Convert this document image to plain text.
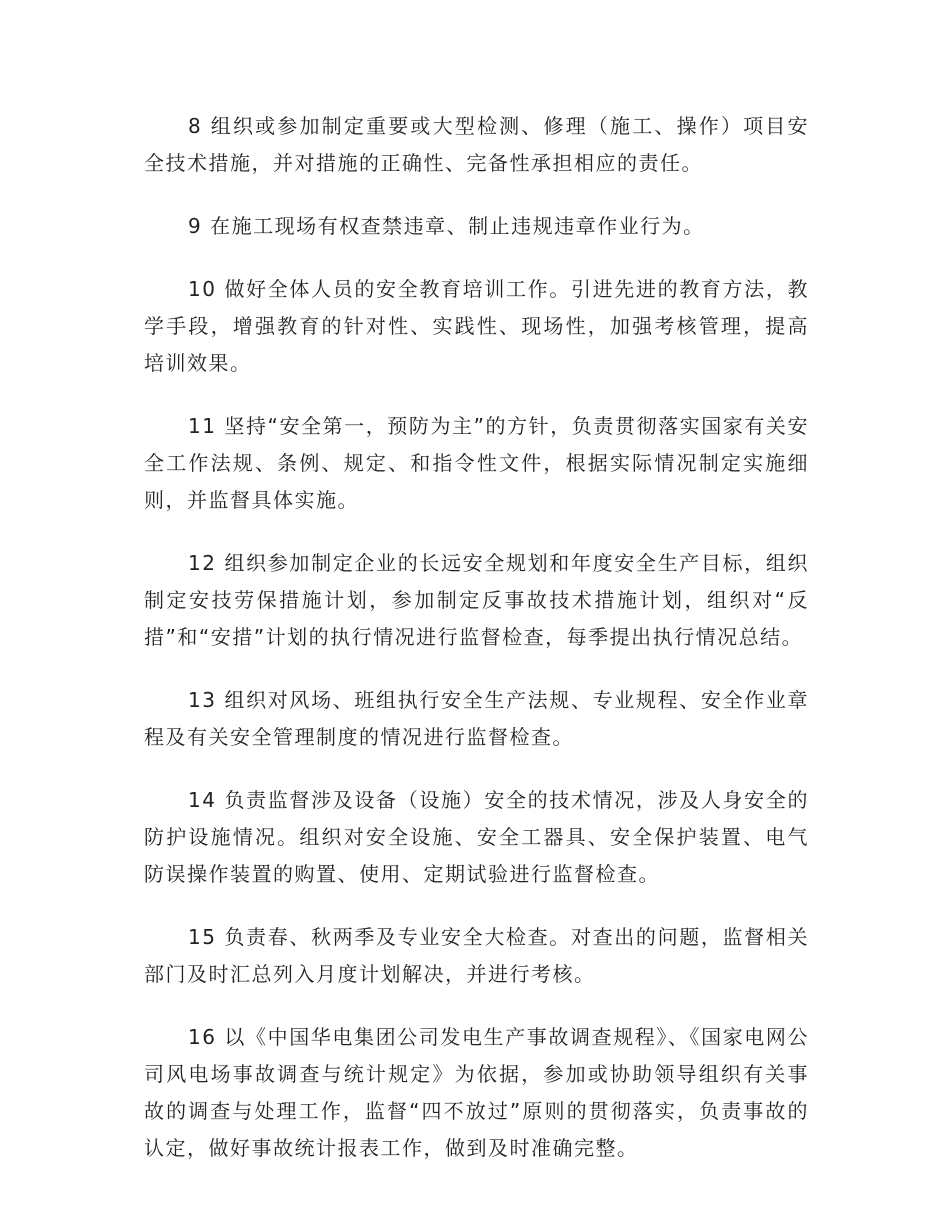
8 组织或参加制定重要或大型检测、修理（施工、操作）项目安全技术措施，并对措施的正确性、完备性承担相应的责任。

9 在施工现场有权查禁违章、制止违规违章作业行为。

10 做好全体人员的安全教育培训工作。引进先进的教育方法，教学手段，增强教育的针对性、实践性、现场性，加强考核管理，提高培训效果。

11 坚持“安全第一，预防为主”的方针，负责贯彻落实国家有关安全工作法规、条例、规定、和指令性文件，根据实际情况制定实施细则，并监督具体实施。

12 组织参加制定企业的长远安全规划和年度安全生产目标，组织制定安技劳保措施计划，参加制定反事故技术措施计划，组织对“反措”和“安措”计划的执行情况进行监督检查，每季提出执行情况总结。

13 组织对风场、班组执行安全生产法规、专业规程、安全作业章程及有关安全管理制度的情况进行监督检查。

14 负责监督涉及设备（设施）安全的技术情况，涉及人身安全的防护设施情况。组织对安全设施、安全工器具、安全保护装置、电气防误操作装置的购置、使用、定期试验进行监督检查。

15 负责春、秋两季及专业安全大检查。对查出的问题，监督相关部门及时汇总列入月度计划解决，并进行考核。

16 以《中国华电集团公司发电生产事故调查规程》、《国家电网公司风电场事故调查与统计规定》为依据，参加或协助领导组织有关事故的调查与处理工作，监督“四不放过”原则的贯彻落实，负责事故的认定，做好事故统计报表工作，做到及时准确完整。
